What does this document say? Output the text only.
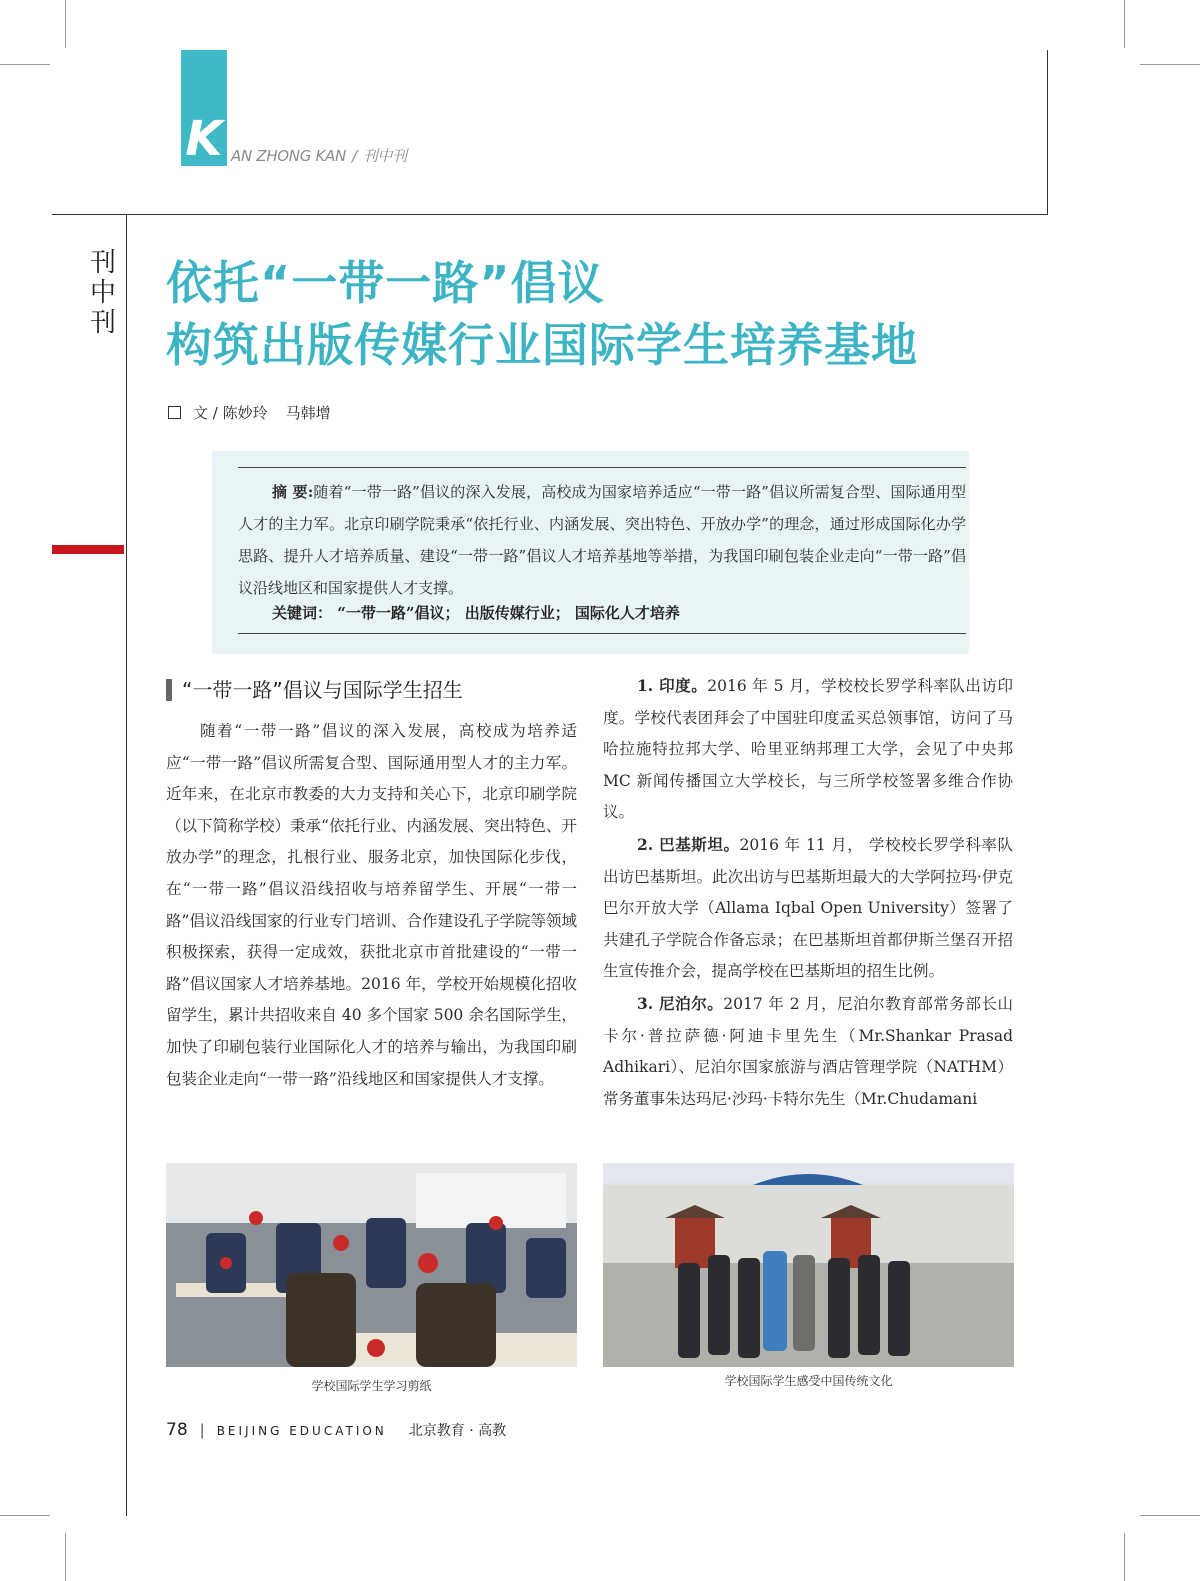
K AN ZHONG KAN / 刊中刊
刊中刊
依托“一带一路”倡议
构筑出版传媒行业国际学生培养基地
文 / 陈妙玲 马韩增
摘 要:随着“一带一路”倡议的深入发展，高校成为国家培养适应“一带一路”倡议所需复合型、国际通用型人才的主力军。北京印刷学院秉承“依托行业、内涵发展、突出特色、开放办学”的理念，通过形成国际化办学思路、提升人才培养质量、建设“一带一路”倡议人才培养基地等举措，为我国印刷包装企业走向“一带一路”倡议沿线地区和国家提供人才支撑。
关键词： “一带一路”倡议； 出版传媒行业； 国际化人才培养
“一带一路”倡议与国际学生招生

随着“一带一路”倡议的深入发展，高校成为培养适应“一带一路”倡议所需复合型、国际通用型人才的主力军。近年来，在北京市教委的大力支持和关心下，北京印刷学院（以下简称学校）秉承“依托行业、内涵发展、突出特色、开放办学”的理念，扎根行业、服务北京，加快国际化步伐，在“一带一路”倡议沿线招收与培养留学生、开展“一带一路”倡议沿线国家的行业专门培训、合作建设孔子学院等领域积极探索，获得一定成效，获批北京市首批建设的“一带一路”倡议国家人才培养基地。2016 年，学校开始规模化招收留学生，累计共招收来自 40 多个国家 500 余名国际学生，加快了印刷包装行业国际化人才的培养与输出，为我国印刷包装企业走向“一带一路”沿线地区和国家提供人才支撑。

1. 印度。2016 年 5 月，学校校长罗学科率队出访印度。学校代表团拜会了中国驻印度孟买总领事馆，访问了马哈拉施特拉邦大学、哈里亚纳邦理工大学，会见了中央邦 MC 新闻传播国立大学校长，与三所学校签署多维合作协议。

2. 巴基斯坦。2016 年 11 月， 学校校长罗学科率队出访巴基斯坦。此次出访与巴基斯坦最大的大学阿拉玛·伊克巴尔开放大学（Allama Iqbal Open University）签署了共建孔子学院合作备忘录；在巴基斯坦首都伊斯兰堡召开招生宣传推介会，提高学校在巴基斯坦的招生比例。

3. 尼泊尔。2017 年 2 月，尼泊尔教育部常务部长山卡尔·普拉萨德·阿迪卡里先生（Mr.Shankar Prasad Adhikari）、尼泊尔国家旅游与酒店管理学院（NATHM）常务董事朱达玛尼·沙玛·卡特尔先生（Mr.Chudamani

学校国际学生学习剪纸	学校国际学生感受中国传统文化
78 | BEIJING EDUCATION 北京教育 · 高教
